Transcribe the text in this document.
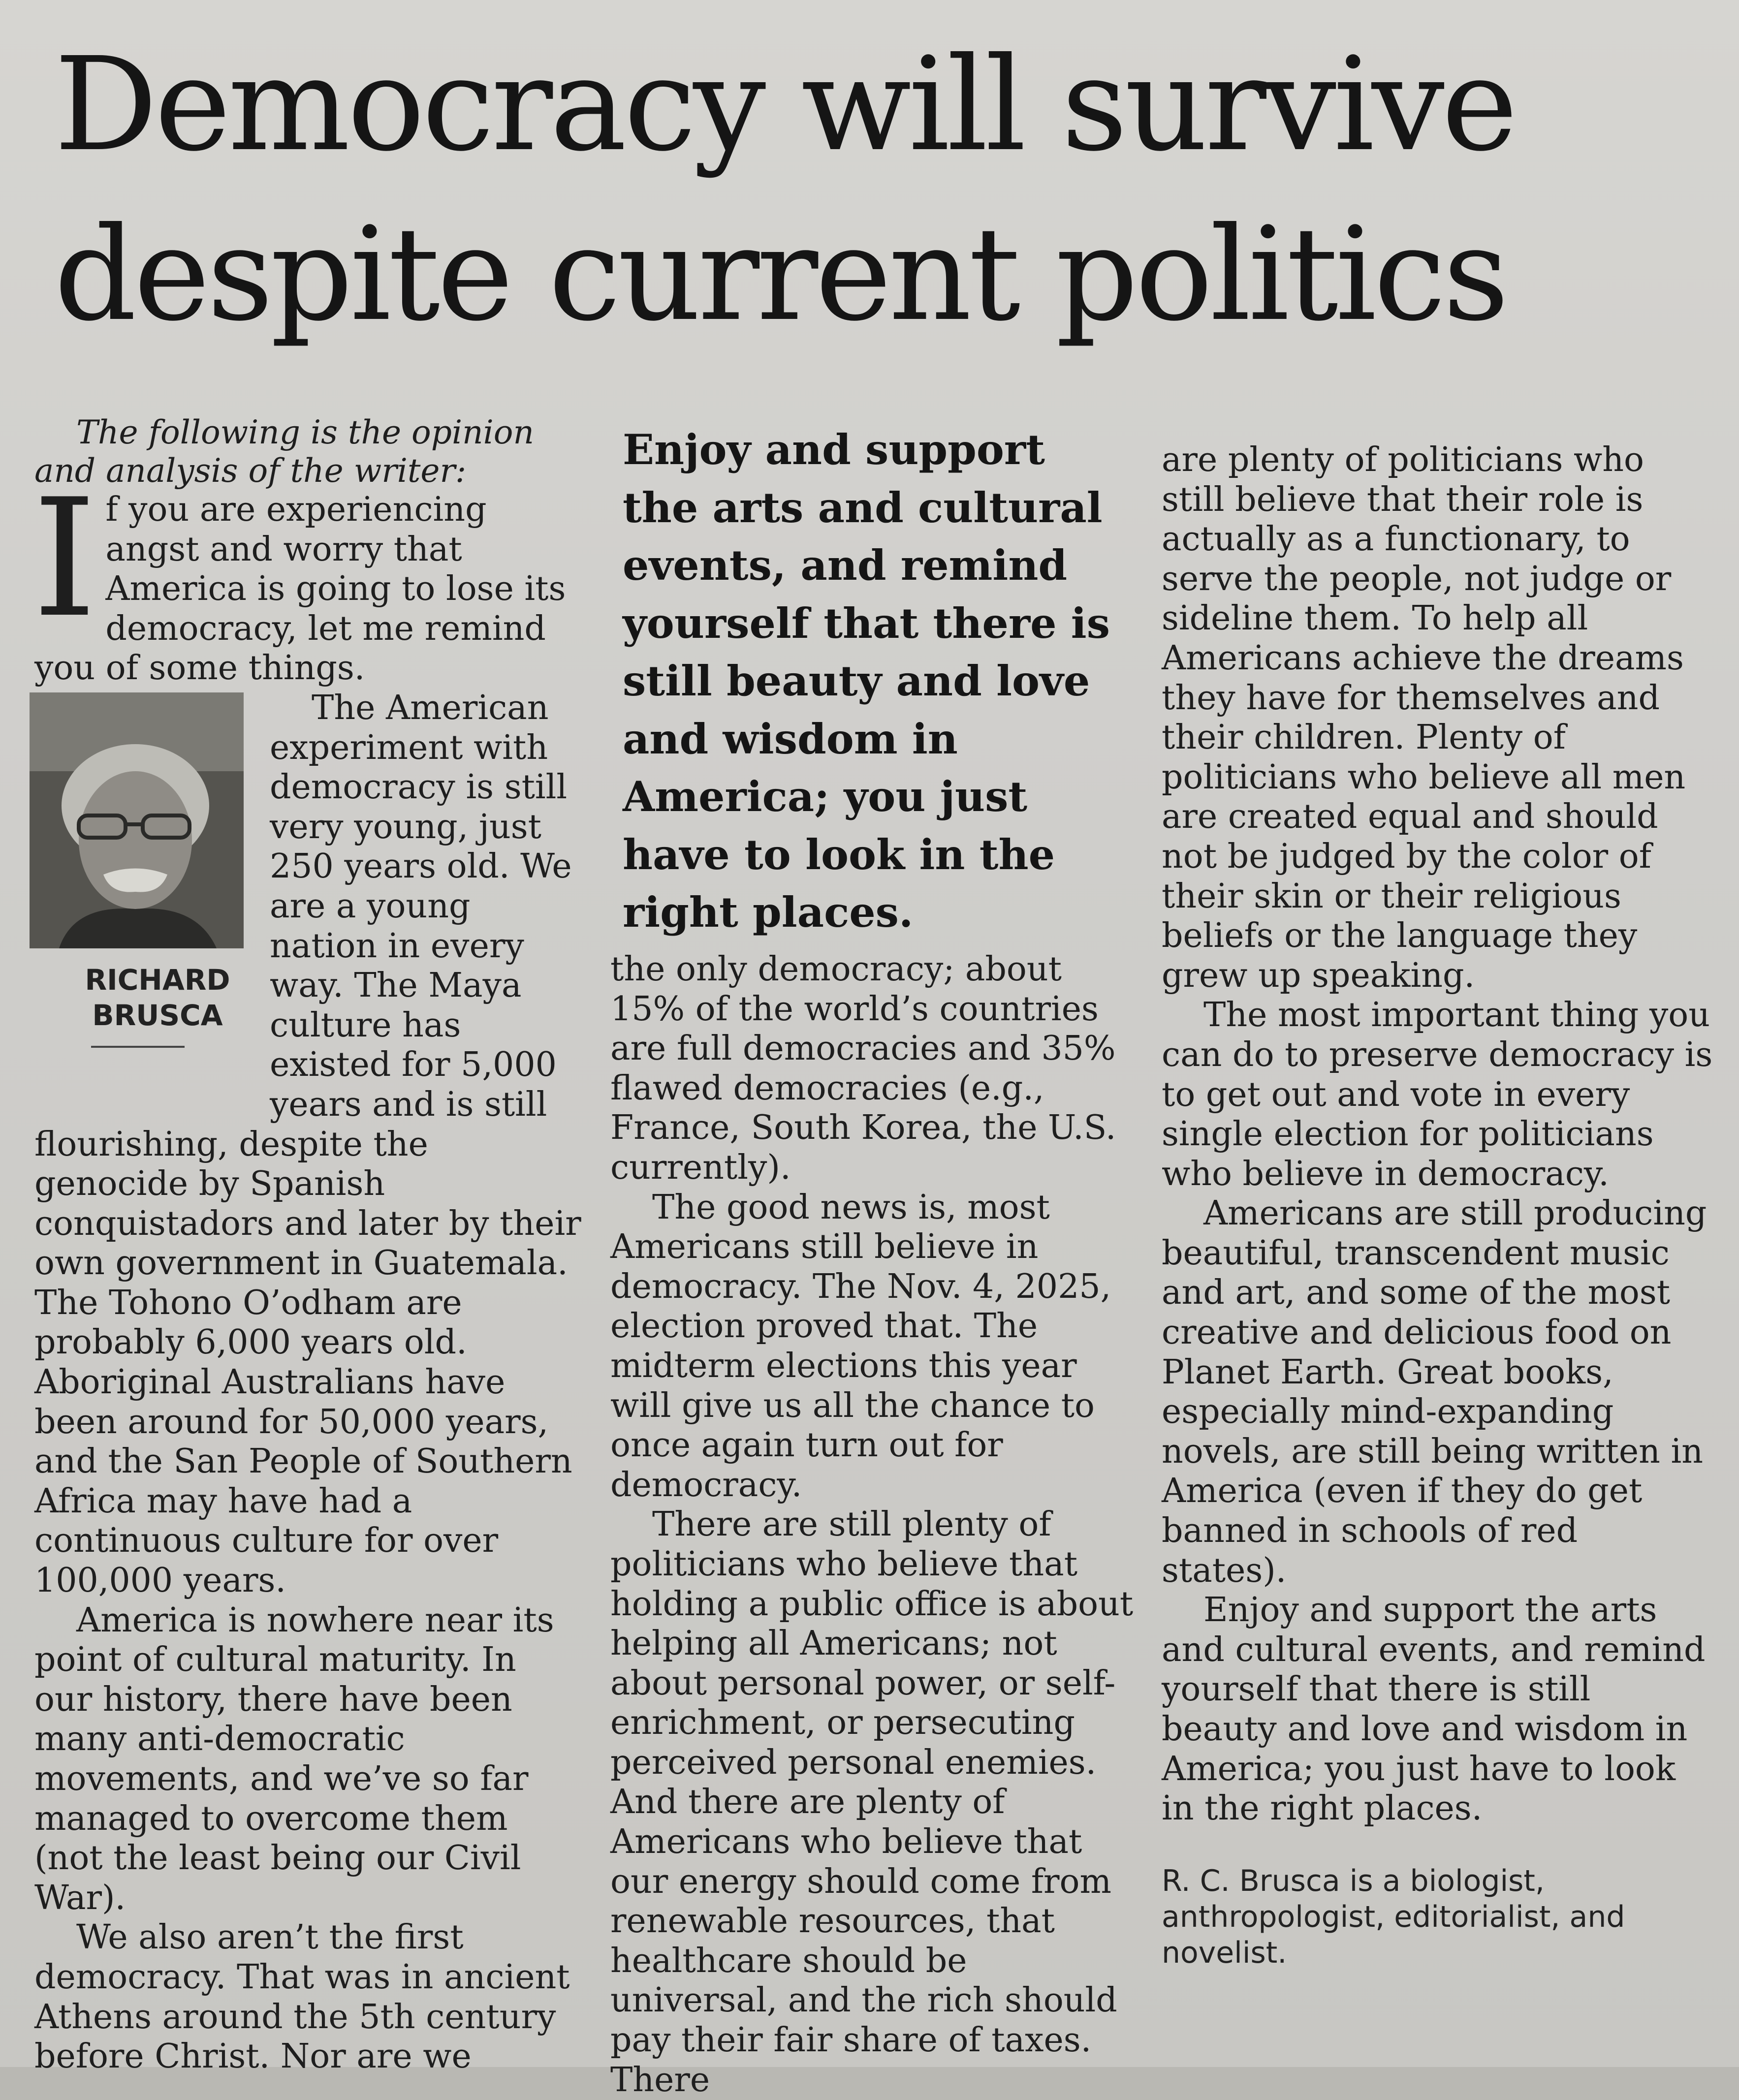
Democracy will survive despite current politics

The following is the opinion and analysis of the writer:

If you are experiencing angst and worry that America is going to lose its democracy, let me remind you of some things.

RICHARD
BRUSCA
The American experiment with democracy is still very young, just 250 years old. We are a young nation in every way. The Maya culture has existed for 5,000 years and is still flourishing, despite the genocide by Spanish conquistadors and later by their own government in Guatemala. The Tohono O’odham are probably 6,000 years old. Aboriginal Australians have been around for 50,000 years, and the San People of Southern Africa may have had a continuous culture for over 100,000 years.

America is nowhere near its point of cultural maturity. In our history, there have been many anti-democratic movements, and we’ve so far managed to overcome them (not the least being our Civil War).

We also aren’t the first democracy. That was in ancient Athens around the 5th century before Christ. Nor are we

Enjoy and support the arts and cultural events, and remind yourself that there is still beauty and love and wisdom in America; you just have to look in the right places.

the only democracy; about 15% of the world’s countries are full democracies and 35% flawed democracies (e.g., France, South Korea, the U.S. currently).

The good news is, most Americans still believe in democracy. The Nov. 4, 2025, election proved that. The midterm elections this year will give us all the chance to once again turn out for democracy.

There are still plenty of politicians who believe that holding a public office is about helping all Americans; not about personal power, or self-enrichment, or persecuting perceived personal enemies. And there are plenty of Americans who believe that our energy should come from renewable resources, that healthcare should be universal, and the rich should pay their fair share of taxes. There

are plenty of politicians who still believe that their role is actually as a functionary, to serve the people, not judge or sideline them. To help all Americans achieve the dreams they have for themselves and their children. Plenty of politicians who believe all men are created equal and should not be judged by the color of their skin or their religious beliefs or the language they grew up speaking.

The most important thing you can do to preserve democracy is to get out and vote in every single election for politicians who believe in democracy.

Americans are still producing beautiful, transcendent music and art, and some of the most creative and delicious food on Planet Earth. Great books, especially mind-expanding novels, are still being written in America (even if they do get banned in schools of red states).

Enjoy and support the arts and cultural events, and remind yourself that there is still beauty and love and wisdom in America; you just have to look in the right places.

R. C. Brusca is a biologist, anthropologist, editorialist, and novelist.
